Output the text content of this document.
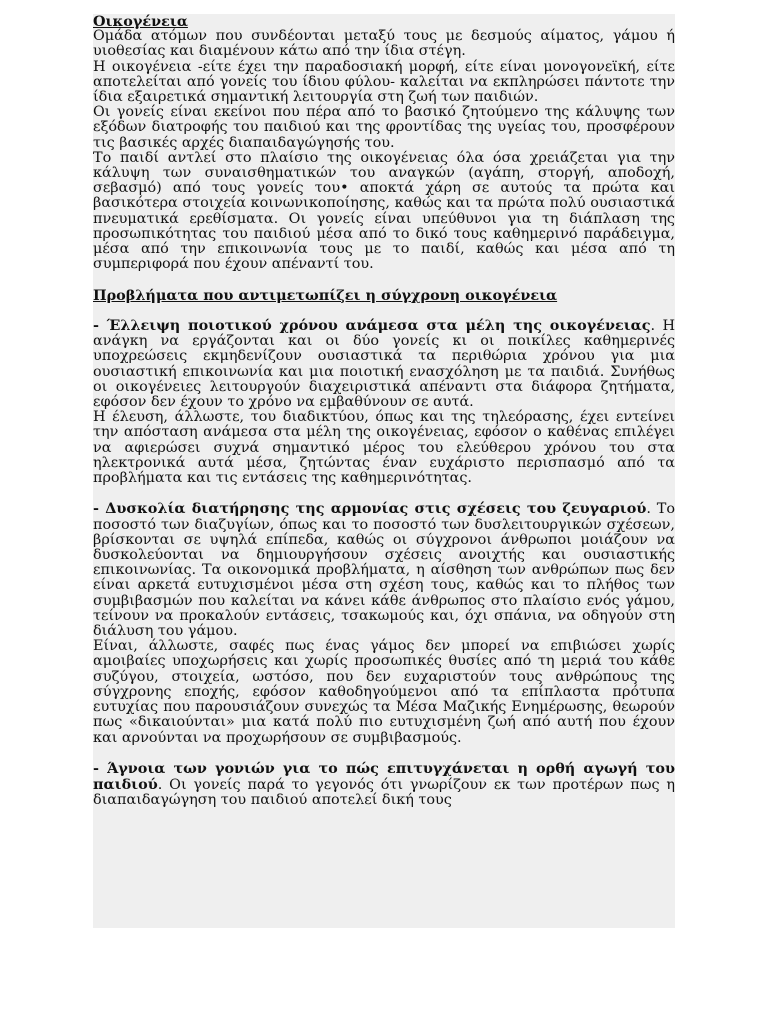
Οικογένεια

Ομάδα ατόμων που συνδέονται μεταξύ τους με δεσμούς αίματος, γάμου ή υιοθεσίας και διαμένουν κάτω από την ίδια στέγη.

Η οικογένεια -είτε έχει την παραδοσιακή μορφή, είτε είναι μονογονεϊκή, είτε αποτελείται από γονείς του ίδιου φύλου- καλείται να εκπληρώσει πάντοτε την ίδια εξαιρετικά σημαντική λειτουργία στη ζωή των παιδιών.

Οι γονείς είναι εκείνοι που πέρα από το βασικό ζητούμενο της κάλυψης των εξόδων διατροφής του παιδιού και της φροντίδας της υγείας του, προσφέρουν τις βασικές αρχές διαπαιδαγώγησής του.

Το παιδί αντλεί στο πλαίσιο της οικογένειας όλα όσα χρειάζεται για την κάλυψη των συναισθηματικών του αναγκών (αγάπη, στοργή, αποδοχή, σεβασμό) από τους γονείς του• αποκτά χάρη σε αυτούς τα πρώτα και βασικότερα στοιχεία κοινωνικοποίησης, καθώς και τα πρώτα πολύ ουσιαστικά πνευματικά ερεθίσματα. Οι γονείς είναι υπεύθυνοι για τη διάπλαση της προσωπικότητας του παιδιού μέσα από το δικό τους καθημερινό παράδειγμα, μέσα από την επικοινωνία τους με το παιδί, καθώς και μέσα από τη συμπεριφορά που έχουν απέναντί του.

Προβλήματα που αντιμετωπίζει η σύγχρονη οικογένεια

- Έλλειψη ποιοτικού χρόνου ανάμεσα στα μέλη της οικογένειας. Η ανάγκη να εργάζονται και οι δύο γονείς κι οι ποικίλες καθημερινές υποχρεώσεις εκμηδενίζουν ουσιαστικά τα περιθώρια χρόνου για μια ουσιαστική επικοινωνία και μια ποιοτική ενασχόληση με τα παιδιά. Συνήθως οι οικογένειες λειτουργούν διαχειριστικά απέναντι στα διάφορα ζητήματα, εφόσον δεν έχουν το χρόνο να εμβαθύνουν σε αυτά.

Η έλευση, άλλωστε, του διαδικτύου, όπως και της τηλεόρασης, έχει εντείνει την απόσταση ανάμεσα στα μέλη της οικογένειας, εφόσον ο καθένας επιλέγει να αφιερώσει συχνά σημαντικό μέρος του ελεύθερου χρόνου του στα ηλεκτρονικά αυτά μέσα, ζητώντας έναν ευχάριστο περισπασμό από τα προβλήματα και τις εντάσεις της καθημερινότητας.

- Δυσκολία διατήρησης της αρμονίας στις σχέσεις του ζευγαριού. Το ποσοστό των διαζυγίων, όπως και το ποσοστό των δυσλειτουργικών σχέσεων, βρίσκονται σε υψηλά επίπεδα, καθώς οι σύγχρονοι άνθρωποι μοιάζουν να δυσκολεύονται να δημιουργήσουν σχέσεις ανοιχτής και ουσιαστικής επικοινωνίας. Τα οικονομικά προβλήματα, η αίσθηση των ανθρώπων πως δεν είναι αρκετά ευτυχισμένοι μέσα στη σχέση τους, καθώς και το πλήθος των συμβιβασμών που καλείται να κάνει κάθε άνθρωπος στο πλαίσιο ενός γάμου, τείνουν να προκαλούν εντάσεις, τσακωμούς και, όχι σπάνια, να οδηγούν στη διάλυση του γάμου.

Είναι, άλλωστε, σαφές πως ένας γάμος δεν μπορεί να επιβιώσει χωρίς αμοιβαίες υποχωρήσεις και χωρίς προσωπικές θυσίες από τη μεριά του κάθε συζύγου, στοιχεία, ωστόσο, που δεν ευχαριστούν τους ανθρώπους της σύγχρονης εποχής, εφόσον καθοδηγούμενοι από τα επίπλαστα πρότυπα ευτυχίας που παρουσιάζουν συνεχώς τα Μέσα Μαζικής Ενημέρωσης, θεωρούν πως «δικαιούνται» μια κατά πολύ πιο ευτυχισμένη ζωή από αυτή που έχουν και αρνούνται να προχωρήσουν σε συμβιβασμούς.

- Άγνοια των γονιών για το πώς επιτυγχάνεται η ορθή αγωγή του παιδιού. Οι γονείς παρά το γεγονός ότι γνωρίζουν εκ των προτέρων πως η διαπαιδαγώγηση του παιδιού αποτελεί δική τους
